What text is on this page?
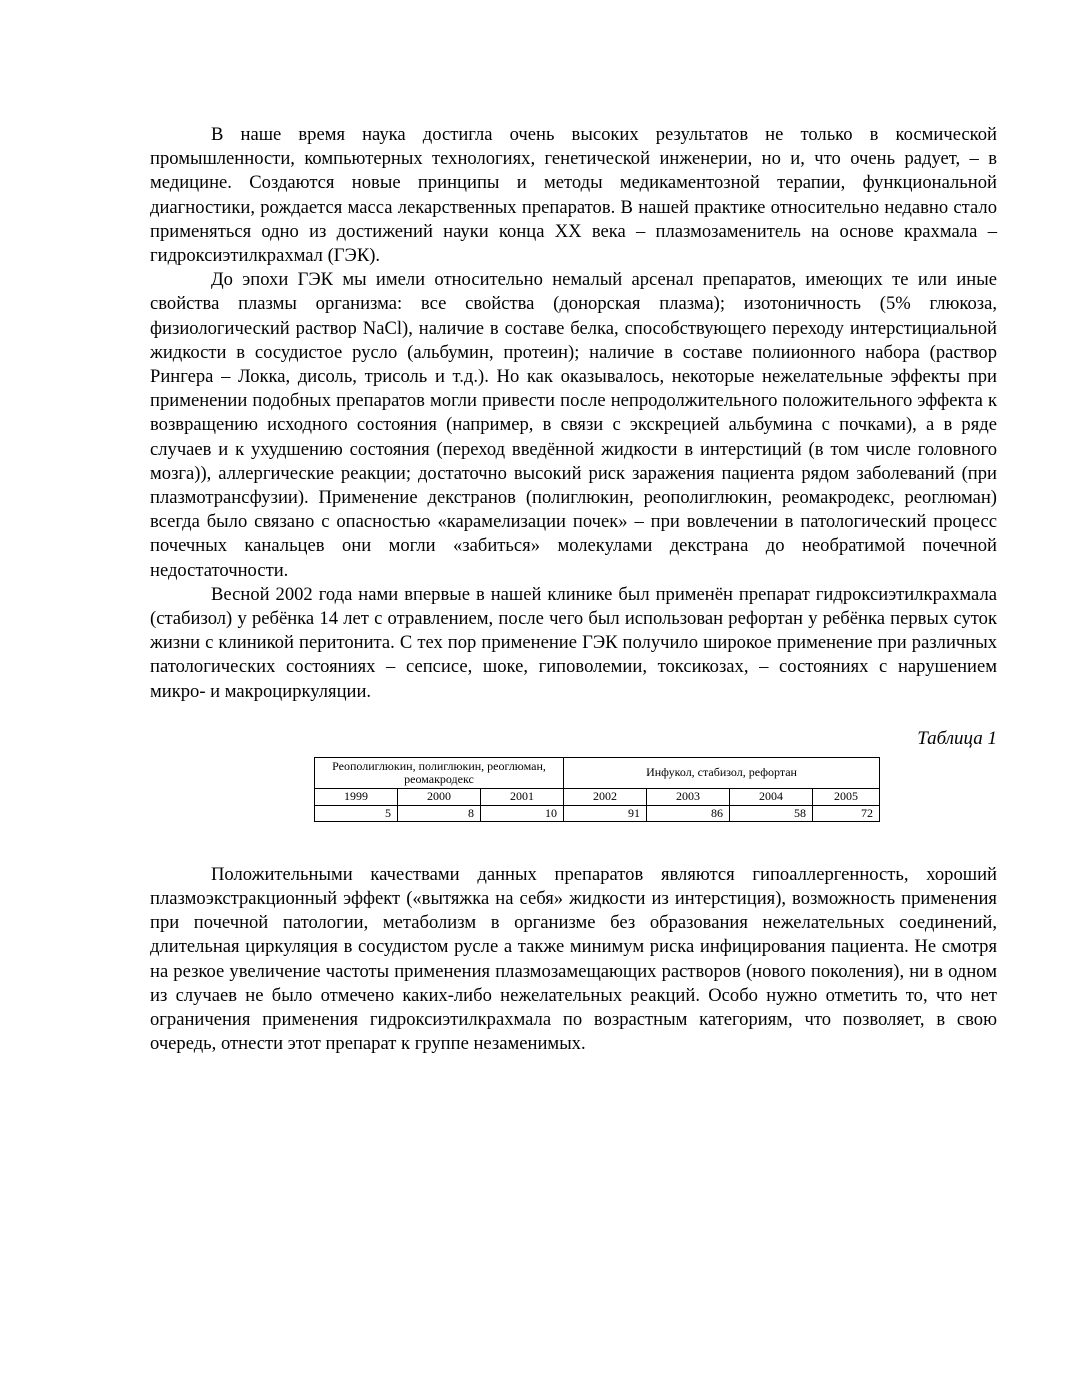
В наше время наука достигла очень высоких результатов не только в космической промышленности, компьютерных технологиях, генетической инженерии, но и, что очень радует, – в медицине. Создаются новые принципы и методы медикаментозной терапии, функциональной диагностики, рождается масса лекарственных препаратов. В нашей практике относительно недавно стало применяться одно из достижений науки конца ХХ века – плазмозаменитель на основе крахмала – гидроксиэтилкрахмал (ГЭК).

До эпохи ГЭК мы имели относительно немалый арсенал препаратов, имеющих те или иные свойства плазмы организма: все свойства (донорская плазма); изотоничность (5% глюкоза, физиологический раствор NaCl), наличие в составе белка, способствующего переходу интерстициальной жидкости в сосудистое русло (альбумин, протеин); наличие в составе полиионного набора (раствор Рингера – Локка, дисоль, трисоль и т.д.). Но как оказывалось, некоторые нежелательные эффекты при применении подобных препаратов могли привести после непродолжительного положительного эффекта к возвращению исходного состояния (например, в связи с экскрецией альбумина с почками), а в ряде случаев и к ухудшению состояния (переход введённой жидкости в интерстиций (в том числе головного мозга)), аллергические реакции; достаточно высокий риск заражения пациента рядом заболеваний (при плазмотрансфузии). Применение декстранов (полиглюкин, реополиглюкин, реомакродекс, реоглюман) всегда было связано с опасностью «карамелизации почек» – при вовлечении в патологический процесс почечных канальцев они могли «забиться» молекулами декстрана до необратимой почечной недостаточности.

Весной 2002 года нами впервые в нашей клинике был применён препарат гидроксиэтилкрахмала (стабизол) у ребёнка 14 лет с отравлением, после чего был использован рефортан у ребёнка первых суток жизни с клиникой перитонита. С тех пор применение ГЭК получило широкое применение при различных патологических состояниях – сепсисе, шоке, гиповолемии, токсикозах, – состояниях с нарушением микро- и макроциркуляции.

Таблица 1
Реополиглюкин, полиглюкин, реоглюман, реомакродекс			Инфукол, стабизол, рефортан			
1999	2000	2001	2002	2003	2004	2005
5	8	10	91	86	58	72

Положительными качествами данных препаратов являются гипоаллергенность, хороший плазмоэкстракционный эффект («вытяжка на себя» жидкости из интерстиция), возможность применения при почечной патологии, метаболизм в организме без образования нежелательных соединений, длительная циркуляция в сосудистом русле а также минимум риска инфицирования пациента. Не смотря на резкое увеличение частоты применения плазмозамещающих растворов (нового поколения), ни в одном из случаев не было отмечено каких-либо нежелательных реакций. Особо нужно отметить то, что нет ограничения применения гидроксиэтилкрахмала по возрастным категориям, что позволяет, в свою очередь, отнести этот препарат к группе незаменимых.
